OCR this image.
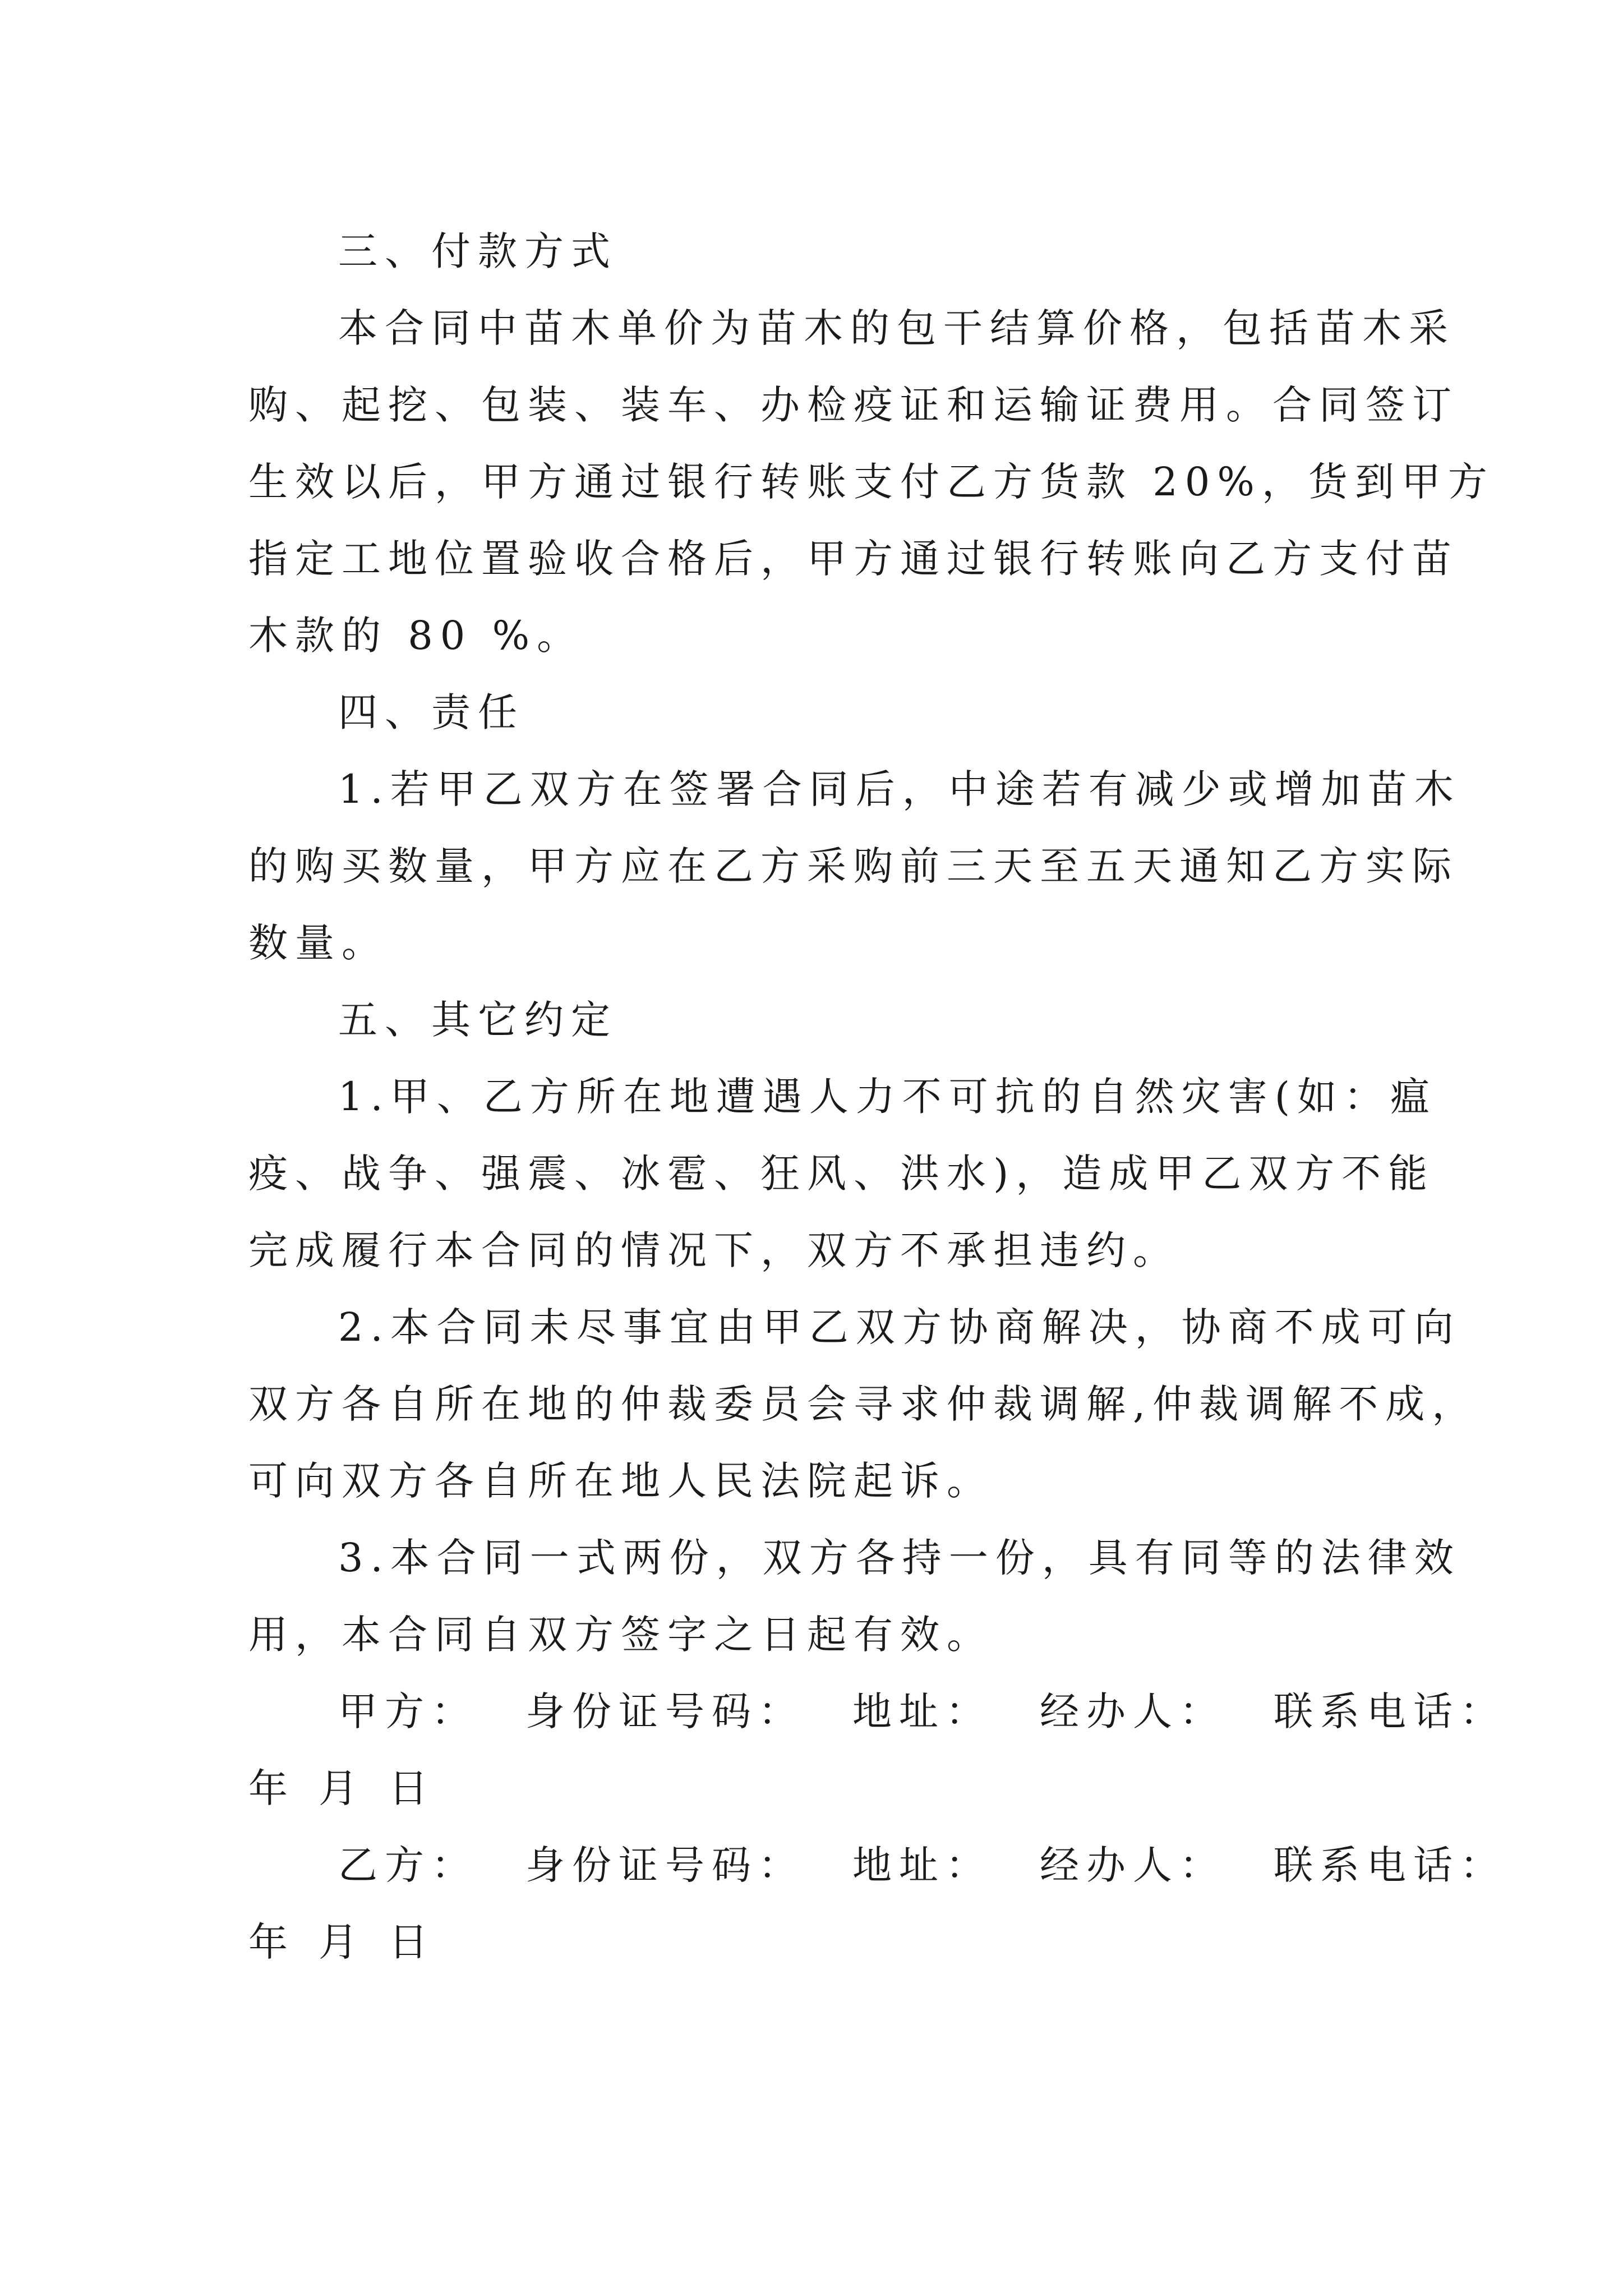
三、付款方式
本合同中苗木单价为苗木的包干结算价格，包括苗木采
购、起挖、包装、装车、办检疫证和运输证费用。合同签订
生效以后，甲方通过银行转账支付乙方货款 20%，货到甲方
指定工地位置验收合格后，甲方通过银行转账向乙方支付苗
木款的 80 %。
四、责任
1.若甲乙双方在签署合同后，中途若有减少或增加苗木
的购买数量，甲方应在乙方采购前三天至五天通知乙方实际
数量。
五、其它约定
1.甲、乙方所在地遭遇人力不可抗的自然灾害(如：瘟
疫、战争、强震、冰雹、狂风、洪水)，造成甲乙双方不能
完成履行本合同的情况下，双方不承担违约。
2.本合同未尽事宜由甲乙双方协商解决，协商不成可向
双方各自所在地的仲裁委员会寻求仲裁调解,仲裁调解不成，
可向双方各自所在地人民法院起诉。
3.本合同一式两份，双方各持一份，具有同等的法律效
用，本合同自双方签字之日起有效。
甲方： 身份证号码： 地址： 经办人： 联系电话：
年 月 日
乙方： 身份证号码： 地址： 经办人： 联系电话：
年 月 日
